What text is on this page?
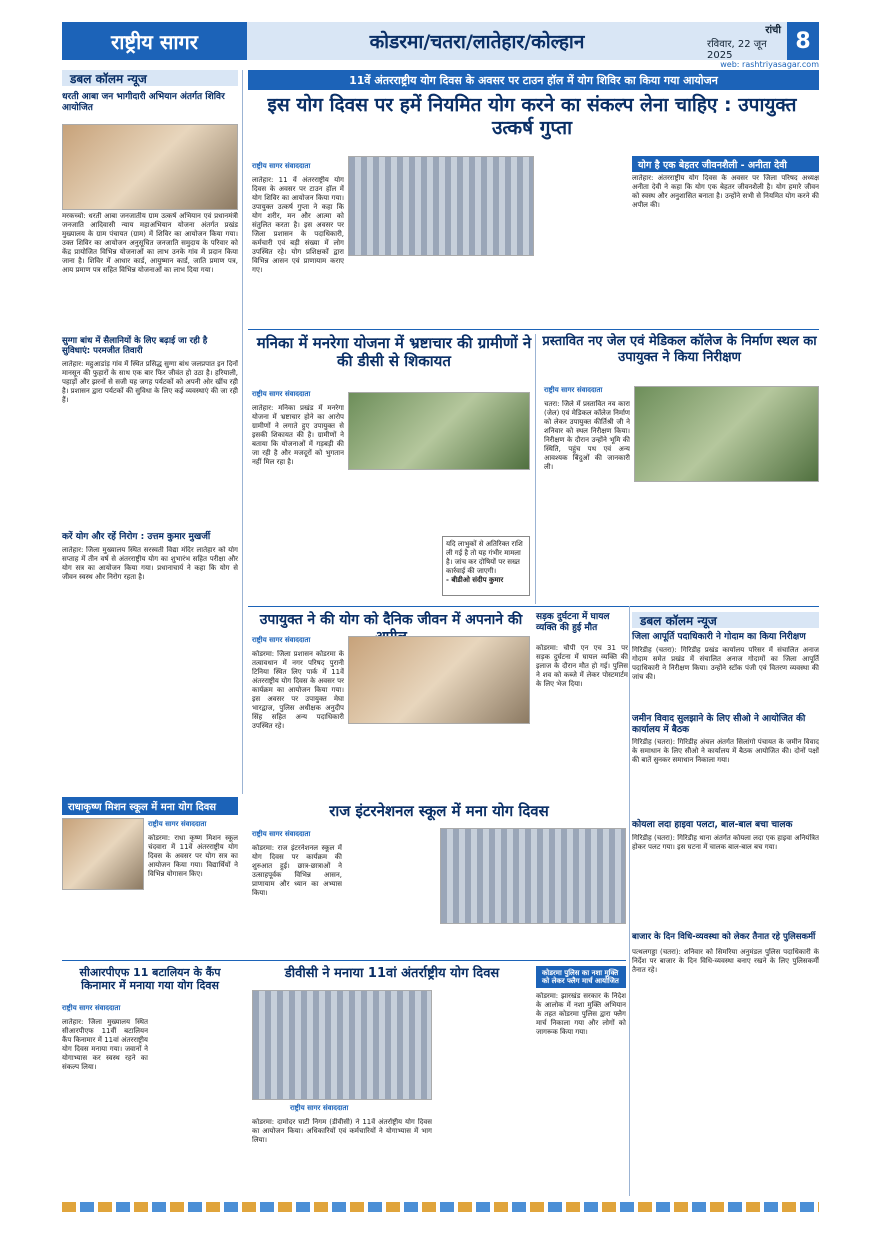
राष्ट्रीय सागर	कोडरमा/चतरा/लातेहार/कोल्हान
रांची
रविवार, 22 जून 2025
8
web: rashtriyasagar.com
डबल कॉलम न्यूज
धरती आबा जन भागीदारी अभियान अंतर्गत शिविर आयोजित
मरकच्चो: धरती आबा जनजातीय ग्राम उत्कर्ष अभियान एवं प्रधानमंत्री जनजाति आदिवासी न्याय महाअभियान योजना अंतर्गत प्रखंड मुख्यालय के ग्राम पंचायत (ग्राम) में शिविर का आयोजन किया गया। उक्त शिविर का आयोजन अनुसूचित जनजाति समुदाय के परिवार को केंद्र प्रायोजित विभिन्न योजनाओं का लाभ उनके गांव में प्रदान किया जाना है। शिविर में आधार कार्ड, आयुष्मान कार्ड, जाति प्रमाण पत्र, आय प्रमाण पत्र सहित विभिन्न योजनाओं का लाभ दिया गया।
सुग्गा बांध में सैलानियों के लिए बढ़ाई जा रही है सुविधाएं: परमजीत तिवारी
लातेहार: महुआडांड़ गांव में स्थित प्रसिद्ध सुग्गा बांध जलप्रपात इन दिनों मानसून की फुहारों के साथ एक बार फिर जीवंत हो उठा है। हरियाली, पहाड़ों और झरनों से सजी यह जगह पर्यटकों को अपनी ओर खींच रही है। प्रशासन द्वारा पर्यटकों की सुविधा के लिए कई व्यवस्थाएं की जा रही हैं।
करें योग और रहें निरोग : उत्तम कुमार मुखर्जी
लातेहार: जिला मुख्यालय स्थित सरस्वती विद्या मंदिर लातेहार को योग सप्ताह में तीन वर्ष से अंतरराष्ट्रीय योग का शुभारंभ सहित परीक्षा और योग सत्र का आयोजन किया गया। प्रधानाचार्य ने कहा कि योग से जीवन स्वस्थ और निरोग रहता है।
11वें अंतरराष्ट्रीय योग दिवस के अवसर पर टाउन हॉल में योग शिविर का किया गया आयोजन
इस योग दिवस पर हमें नियमित योग करने का संकल्प लेना चाहिए : उपायुक्त उत्कर्ष गुप्ता
राष्ट्रीय सागर संवाददाता
लातेहार: 11 वें अंतरराष्ट्रीय योग दिवस के अवसर पर टाउन हॉल में योग शिविर का आयोजन किया गया। उपायुक्त उत्कर्ष गुप्ता ने कहा कि योग शरीर, मन और आत्मा को संतुलित करता है। इस अवसर पर जिला प्रशासन के पदाधिकारी, कर्मचारी एवं बड़ी संख्या में लोग उपस्थित रहे। योग प्रशिक्षकों द्वारा विभिन्न आसन एवं प्राणायाम कराए गए।
योग है एक बेहतर जीवनशैली - अनीता देवी
लातेहार: अंतरराष्ट्रीय योग दिवस के अवसर पर जिला परिषद अध्यक्ष अनीता देवी ने कहा कि योग एक बेहतर जीवनशैली है। योग हमारे जीवन को स्वस्थ और अनुशासित बनाता है। उन्होंने सभी से नियमित योग करने की अपील की।
मनिका में मनरेगा योजना में भ्रष्टाचार की ग्रामीणों ने की डीसी से शिकायत
राष्ट्रीय सागर संवाददाता
लातेहार: मनिका प्रखंड में मनरेगा योजना में भ्रष्टाचार होने का आरोप ग्रामीणों ने लगाते हुए उपायुक्त से इसकी शिकायत की है। ग्रामीणों ने बताया कि योजनाओं में गड़बड़ी की जा रही है और मजदूरों को भुगतान नहीं मिल रहा है।
यदि लाभुकों से अतिरिक्त राशि ली गई है तो यह गंभीर मामला है। जांच कर दोषियों पर सख्त कार्रवाई की जाएगी।
- बीडीओ संदीप कुमार
प्रस्तावित नए जेल एवं मेडिकल कॉलेज के निर्माण स्थल का उपायुक्त ने किया निरीक्षण
राष्ट्रीय सागर संवाददाता
चतरा: जिले में प्रस्तावित नव कारा (जेल) एवं मेडिकल कॉलेज निर्माण को लेकर उपायुक्त कीर्तिश्री जी ने शनिवार को स्थल निरीक्षण किया। निरीक्षण के दौरान उन्होंने भूमि की स्थिति, पहुंच पथ एवं अन्य आवश्यक बिंदुओं की जानकारी ली।
उपायुक्त ने की योग को दैनिक जीवन में अपनाने की
राष्ट्रीय सागर संवाददाता
कोडरमा: जिला प्रशासन कोडरमा के तत्वावधान में नगर परिषद पुरानी टिनिया स्थित लिए पार्क में 11वें अंतरराष्ट्रीय योग दिवस के अवसर पर कार्यक्रम का आयोजन किया गया। इस अवसर पर उपायुक्त मेघा भारद्वाज, पुलिस अधीक्षक अनुदीप सिंह सहित अन्य पदाधिकारी उपस्थित रहे।
सड़क दुर्घटना में घायल व्यक्ति की हुई मौत
कोडरमा: चौपी एन एच 31 पर सड़क दुर्घटना में घायल व्यक्ति की इलाज के दौरान मौत हो गई। पुलिस ने शव को कब्जे में लेकर पोस्टमार्टम के लिए भेज दिया।
डबल कॉलम न्यूज
जिला आपूर्ति पदाधिकारी ने गोदाम का किया निरीक्षण
गिरिडीह (चतरा): गिरिडीह प्रखंड कार्यालय परिसर में संचालित अनाज गोदाम समेत प्रखंड में संचालित अनाज गोदामों का जिला आपूर्ति पदाधिकारी ने निरीक्षण किया। उन्होंने स्टॉक पंजी एवं वितरण व्यवस्था की जांच की।
जमीन विवाद सुलझाने के लिए सीओ ने आयोजित की कार्यालय में बैठक
गिरिडीह (चतरा): गिरिडीह अंचल अंतर्गत सिलांगो पंचायत के जमीन विवाद के समाधान के लिए सीओ ने कार्यालय में बैठक आयोजित की। दोनों पक्षों की बातें सुनकर समाधान निकाला गया।
कोयला लदा हाइवा पलटा, बाल-बाल बचा चालक
गिरिडीह (चतरा): गिरिडीह थाना अंतर्गत कोयला लदा एक हाइवा अनियंत्रित होकर पलट गया। इस घटना में चालक बाल-बाल बच गया।
बाजार के दिन विधि-व्यवस्था को लेकर तैनात रहे पुलिसकर्मी
पत्थलगड्डा (चतरा): शनिवार को सिमरिया अनुमंडल पुलिस पदाधिकारी के निर्देश पर बाजार के दिन विधि-व्यवस्था बनाए रखने के लिए पुलिसकर्मी तैनात रहे।
राधाकृष्ण मिशन स्कूल में मना योग दिवस
राष्ट्रीय सागर संवाददाता
कोडरमा: राधा कृष्ण मिशन स्कूल चंदवारा में 11वें अंतरराष्ट्रीय योग दिवस के अवसर पर योग सत्र का आयोजन किया गया। विद्यार्थियों ने विभिन्न योगासन किए।
राज इंटरनेशनल स्कूल में मना योग दिवस
राष्ट्रीय सागर संवाददाता
कोडरमा: राज इंटरनेशनल स्कूल में योग दिवस पर कार्यक्रम की शुरुआत हुई। छात्र-छात्राओं ने उत्साहपूर्वक विभिन्न आसन, प्राणायाम और ध्यान का अभ्यास किया।
सीआरपीएफ 11 बटालियन के कैंप किनामार में मनाया गया योग दिवस
राष्ट्रीय सागर संवाददाता
लातेहार: जिला मुख्यालय स्थित सीआरपीएफ 11वीं बटालियन कैंप किनामार में 11वां अंतरराष्ट्रीय योग दिवस मनाया गया। जवानों ने योगाभ्यास कर स्वस्थ रहने का संकल्प लिया।
डीवीसी ने मनाया 11वां अंतर्राष्ट्रीय योग दिवस
राष्ट्रीय सागर संवाददाता
कोडरमा: दामोदर घाटी निगम (डीवीसी) ने 11वें अंतर्राष्ट्रीय योग दिवस का आयोजन किया। अधिकारियों एवं कर्मचारियों ने योगाभ्यास में भाग लिया।
कोडरमा पुलिस का नशा मुक्ति को लेकर फ्लैग मार्च आयोजित
कोडरमा: झारखंड सरकार के निदेश के आलोक में नशा मुक्ति अभियान के तहत कोडरमा पुलिस द्वारा फ्लैग मार्च निकाला गया और लोगों को जागरूक किया गया।
